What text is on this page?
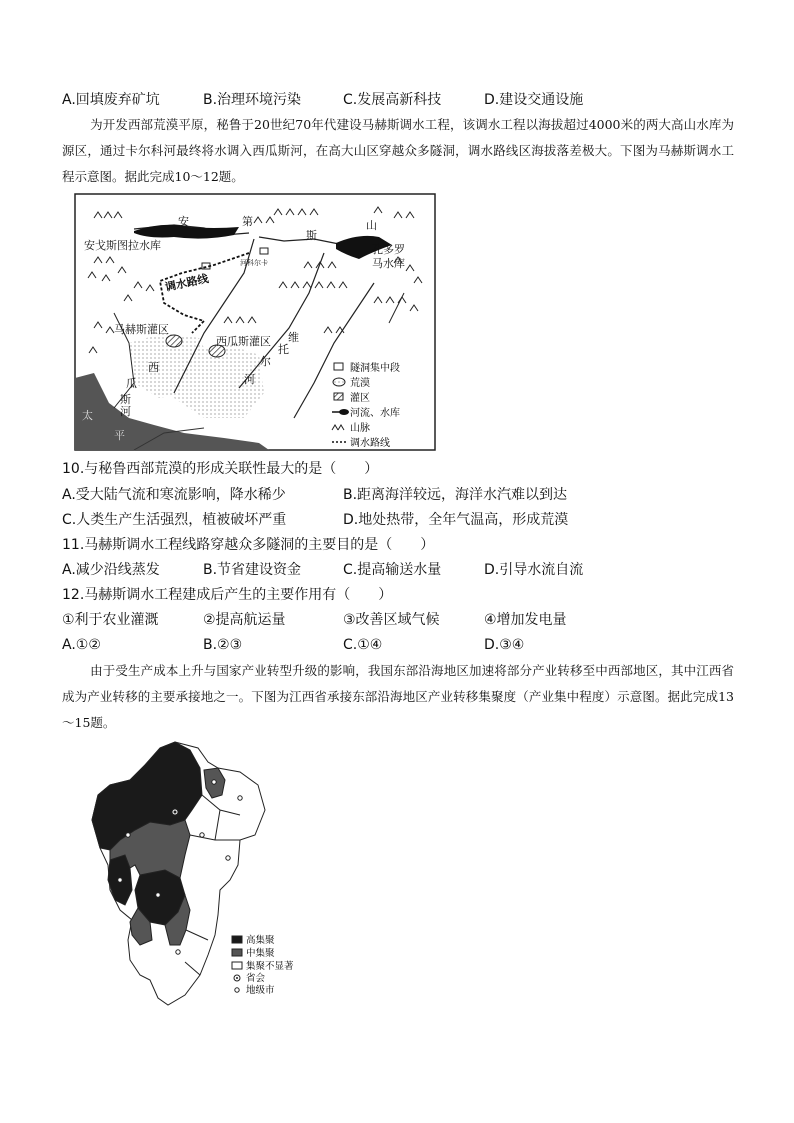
A.回填废弃矿坑	B.治理环境污染	C.发展高新科技	D.建设交通设施
为开发西部荒漠平原，秘鲁于20世纪70年代建设马赫斯调水工程，该调水工程以海拔超过4000米的两大高山水库为源区，通过卡尔科河最终将水调入西瓜斯河，在高大山区穿越众多隧洞，调水路线区海拔落差极大。下图为马赫斯调水工程示意图。据此完成10～12题。
安	第
斯
山
安戈斯图拉水库	孔多罗
马水库
马赫斯灌区
西瓜斯灌区 维
托
尔
河
西
瓜
斯
河
太
平
河科尔卡
调水路线
隧洞集中段
荒漠
灌区
河流、水库
山脉
调水路线
10.与秘鲁西部荒漠的形成关联性最大的是（　　）
A.受大陆气流和寒流影响，降水稀少	B.距离海洋较远，海洋水汽难以到达
C.人类生产生活强烈，植被破坏严重	D.地处热带，全年气温高，形成荒漠
11.马赫斯调水工程线路穿越众多隧洞的主要目的是（　　）
A.减少沿线蒸发	B.节省建设资金	C.提高输送水量	D.引导水流自流
12.马赫斯调水工程建成后产生的主要作用有（　　）
①利于农业灌溉	②提高航运量	③改善区域气候	④增加发电量
A.①②	B.②③	C.①④	D.③④
由于受生产成本上升与国家产业转型升级的影响，我国东部沿海地区加速将部分产业转移至中西部地区，其中江西省成为产业转移的主要承接地之一。下图为江西省承接东部沿海地区产业转移集聚度（产业集中程度）示意图。据此完成13～15题。
高集聚
中集聚
集聚不显著
省会
地级市
